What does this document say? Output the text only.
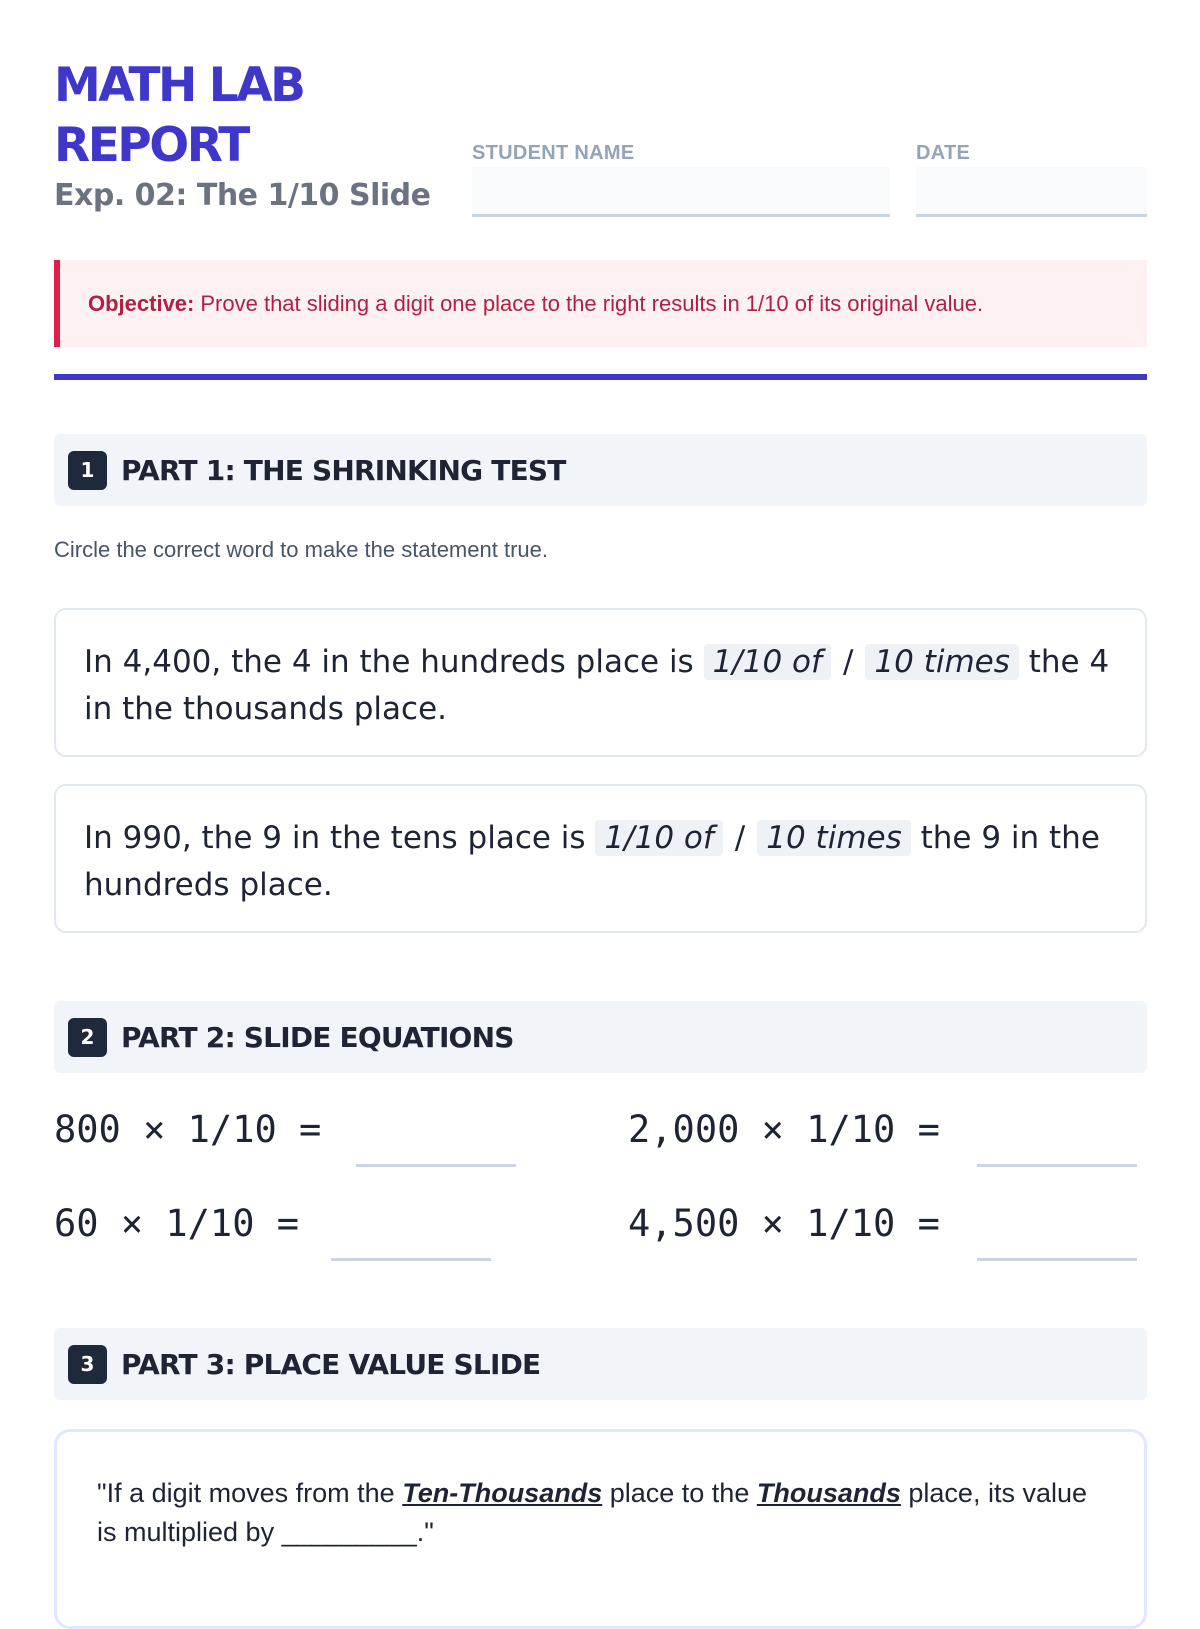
MATH LAB
REPORT
Exp. 02: The 1/10 Slide
STUDENT NAME	DATE
Objective: Prove that sliding a digit one place to the right results in 1/10 of its original value.
1 PART 1: THE SHRINKING TEST
Circle the correct word to make the statement true.
In 4,400, the 4 in the hundreds place is 1/10 of / 10 times the 4 in the thousands place.
In 990, the 9 in the tens place is 1/10 of / 10 times the 9 in the hundreds place.
2 PART 2: SLIDE EQUATIONS
800 × 1/10 =	2,000 × 1/10 =
60 × 1/10 =	4,500 × 1/10 =
3 PART 3: PLACE VALUE SLIDE
"If a digit moves from the Ten-Thousands place to the Thousands place, its value is multiplied by _________."
